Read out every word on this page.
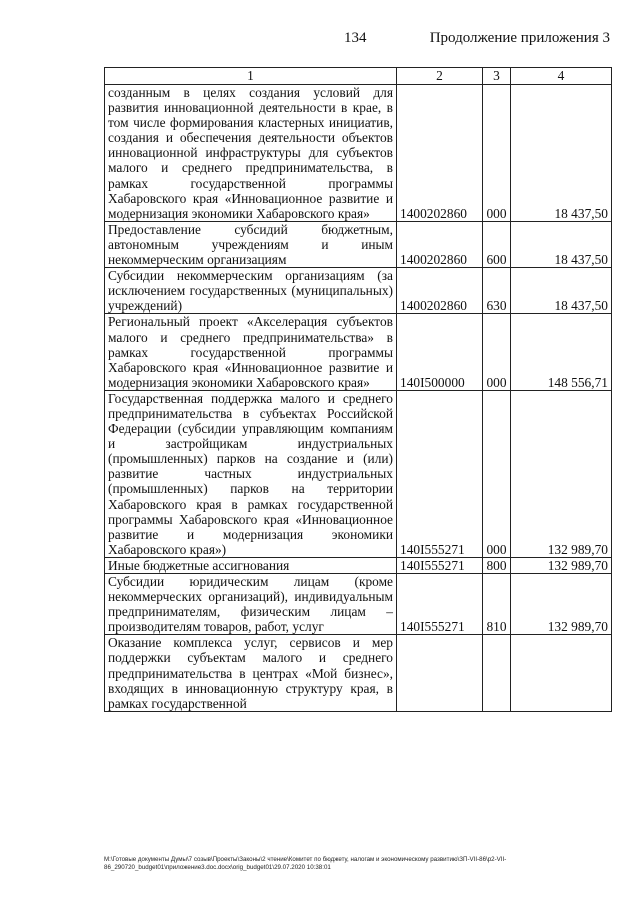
134	Продолжение приложения 3
1	2	3	4
созданным в целях создания условий для развития инновационной деятельности в крае, в том числе формирования кластерных инициатив, создания и обеспечения деятельности объектов инновационной инфраструктуры для субъектов малого и среднего предпринимательства, в рамках государственной программы Хабаровского края «Инновационное развитие и модернизация экономики Хабаровского края»	1400202860	000	18 437,50
Предоставление субсидий бюджетным, автономным учреждениям и иным некоммерческим организациям	1400202860	600	18 437,50
Субсидии некоммерческим организациям (за исключением государственных (муниципальных) учреждений)	1400202860	630	18 437,50
Региональный проект «Акселерация субъектов малого и среднего предпринимательства» в рамках государственной программы Хабаровского края «Инновационное развитие и модернизация экономики Хабаровского края»	140I500000	000	148 556,71
Государственная поддержка малого и среднего предпринимательства в субъектах Российской Федерации (субсидии управляющим компаниям и застройщикам индустриальных (промышленных) парков на создание и (или) развитие частных индустриальных (промышленных) парков на территории Хабаровского края в рамках государственной программы Хабаровского края «Инновационное развитие и модернизация экономики Хабаровского края»)	140I555271	000	132 989,70
Иные бюджетные ассигнования	140I555271	800	132 989,70
Субсидии юридическим лицам (кроме некоммерческих организаций), индивидуальным предпринимателям, физическим лицам – производителям товаров, работ, услуг	140I555271	810	132 989,70
Оказание комплекса услуг, сервисов и мер поддержки субъектам малого и среднего предпринимательства в центрах «Мой бизнес», входящих в инновационную структуру края, в рамках государственной			
M:\Готовые документы Думы\7 созыв\Проекты\Законы\2 чтение\Комитет по бюджету, налогам и экономическому развитию\ЗП-VII-86\р2-VII-86_290720_budget01\приложение3.doc.docx\orig_budget01\29.07.2020 10:38:01
